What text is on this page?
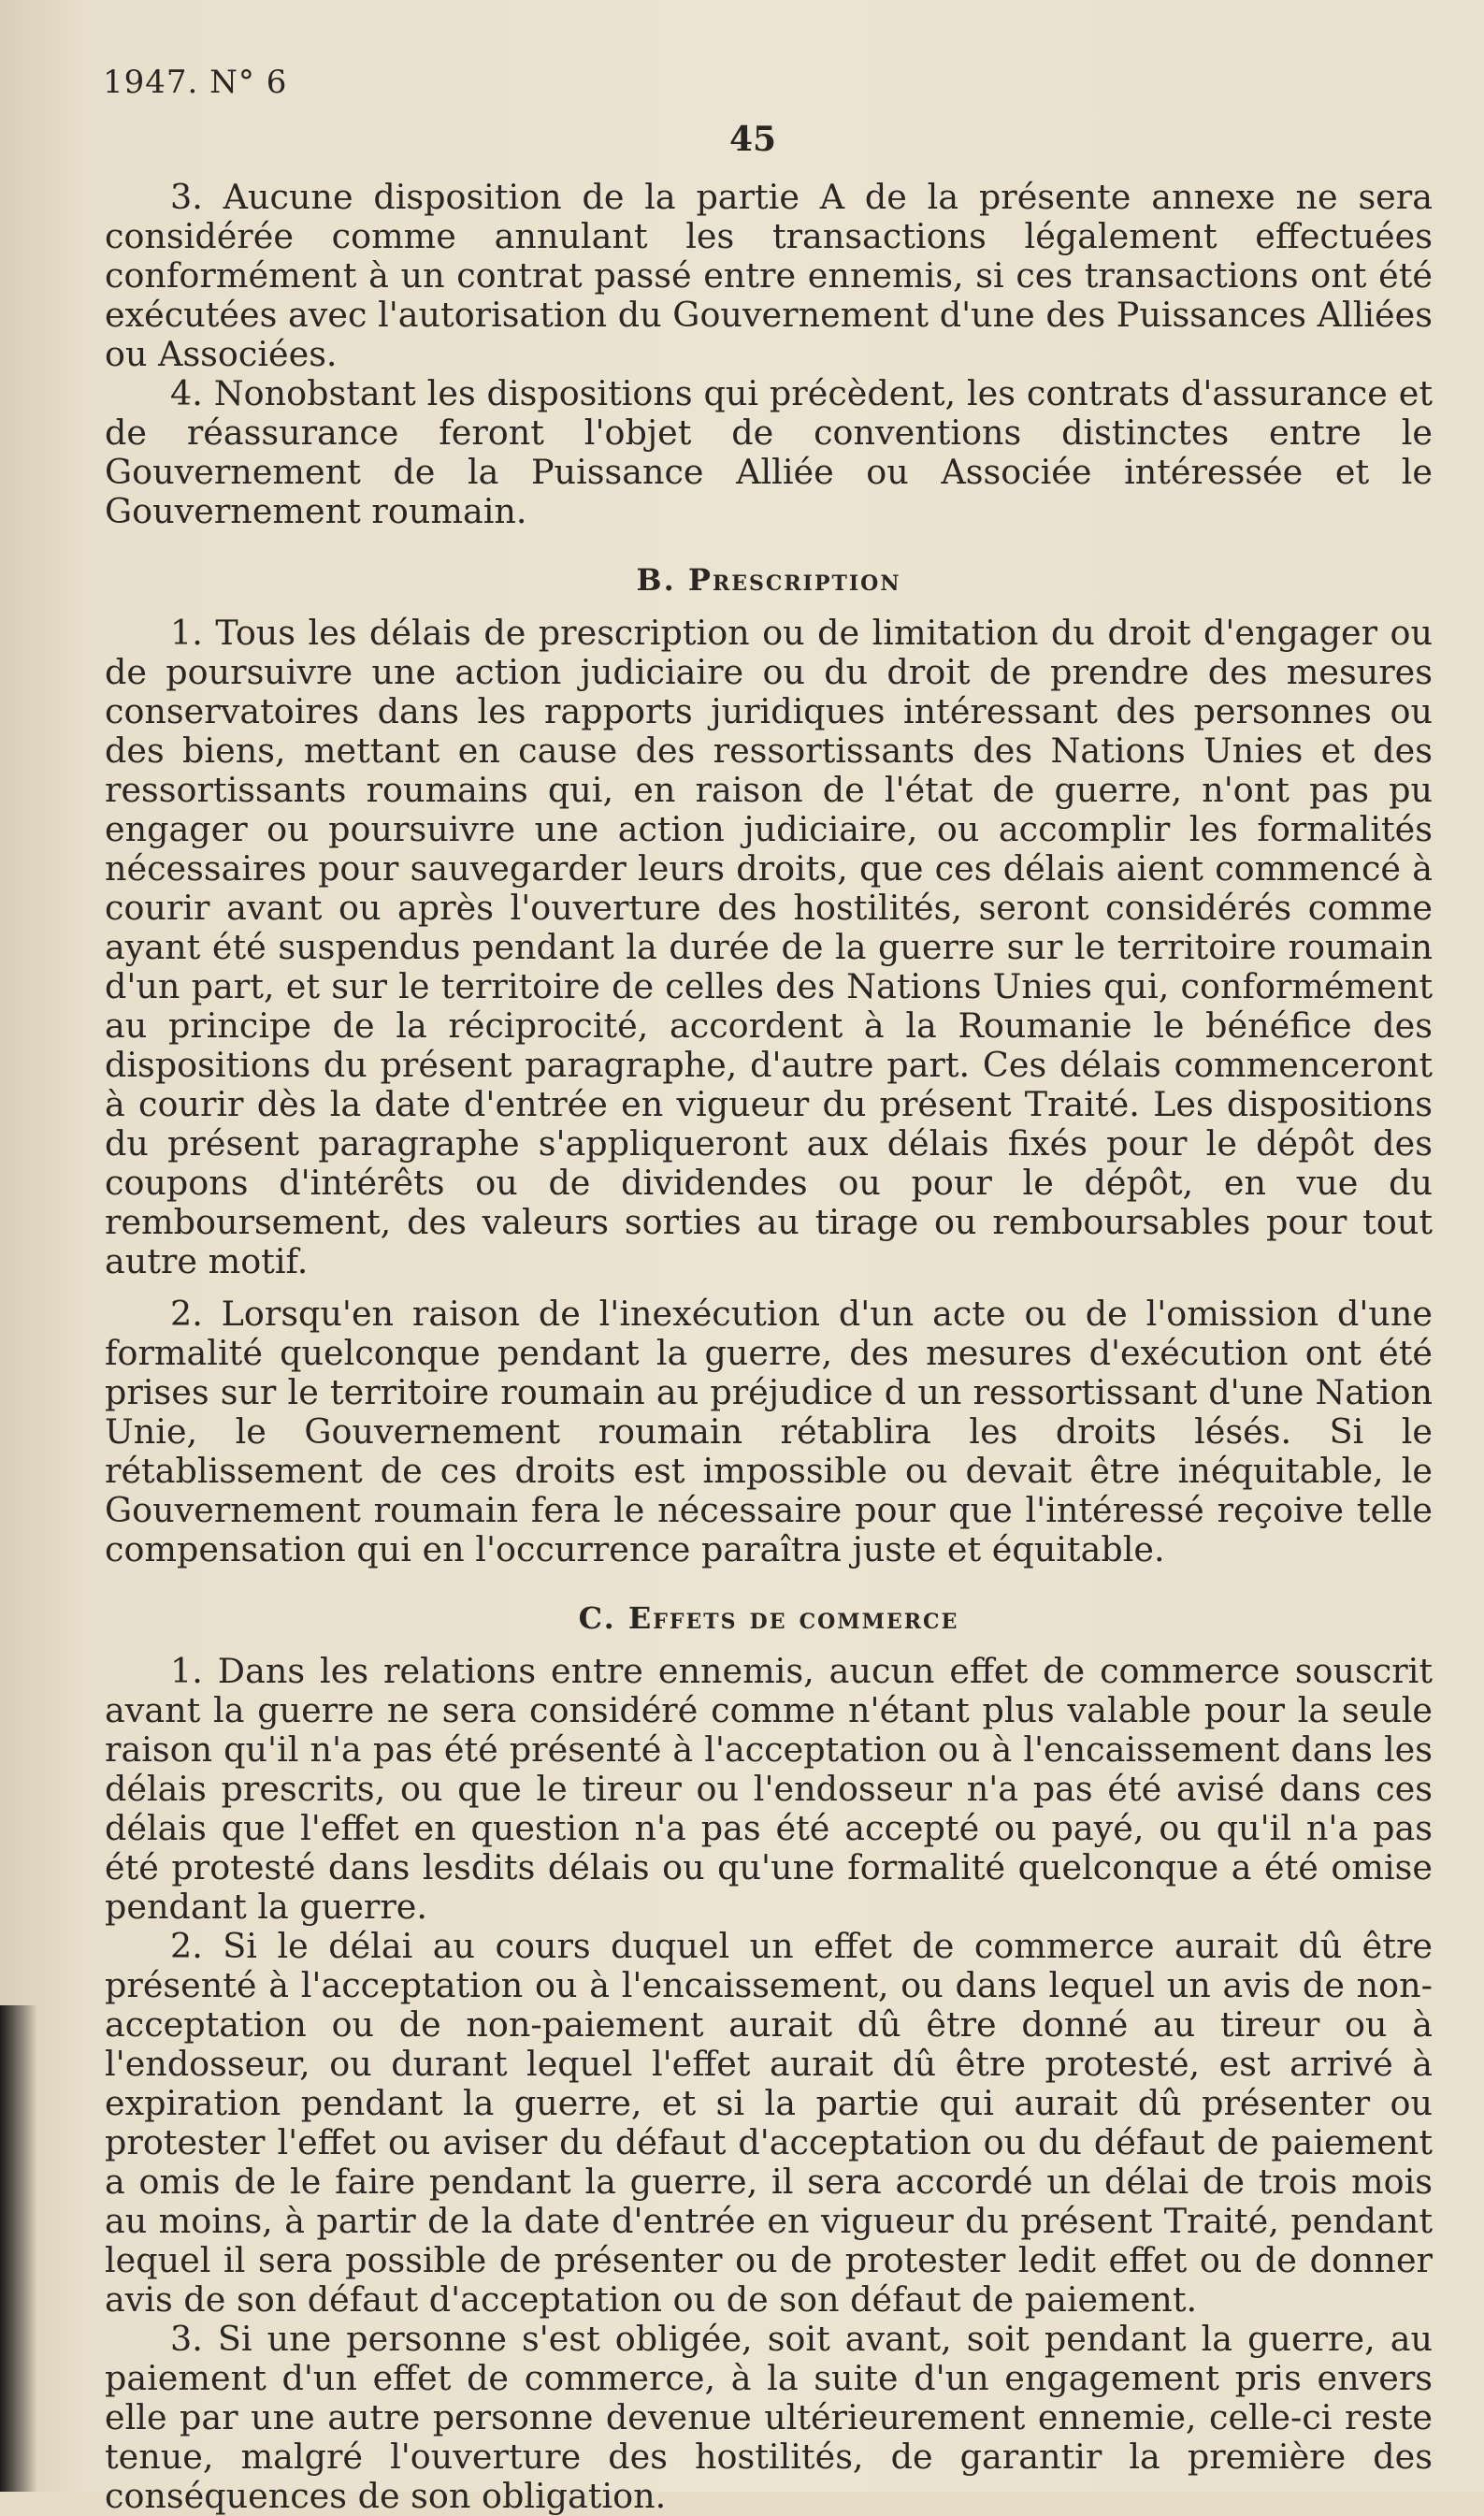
1947. N° 6
45

3. Aucune disposition de la partie A de la présente annexe ne sera considérée comme annulant les transactions légalement effectuées conformément à un contrat passé entre ennemis, si ces transactions ont été exécutées avec l'autorisation du Gouvernement d'une des Puissances Alliées ou Associées.

4. Nonobstant les dispositions qui précèdent, les contrats d'assurance et de réassurance feront l'objet de conventions distinctes entre le Gouvernement de la Puissance Alliée ou Associée intéressée et le Gouvernement roumain.

B. Prescription

1. Tous les délais de prescription ou de limitation du droit d'engager ou de poursuivre une action judiciaire ou du droit de prendre des mesures conservatoires dans les rapports juridiques intéressant des personnes ou des biens, mettant en cause des ressortissants des Nations Unies et des ressortissants roumains qui, en raison de l'état de guerre, n'ont pas pu engager ou poursuivre une action judiciaire, ou accomplir les formalités nécessaires pour sauvegarder leurs droits, que ces délais aient commencé à courir avant ou après l'ouverture des hostilités, seront considérés comme ayant été suspendus pendant la durée de la guerre sur le territoire roumain d'un part, et sur le territoire de celles des Nations Unies qui, conformément au principe de la réciprocité, accordent à la Roumanie le bénéfice des dispositions du présent paragraphe, d'autre part. Ces délais commenceront à courir dès la date d'entrée en vigueur du présent Traité. Les dispositions du présent paragraphe s'appliqueront aux délais fixés pour le dépôt des coupons d'intérêts ou de dividendes ou pour le dépôt, en vue du remboursement, des valeurs sorties au tirage ou remboursables pour tout autre motif.

2. Lorsqu'en raison de l'inexécution d'un acte ou de l'omission d'une formalité quelconque pendant la guerre, des mesures d'exécution ont été prises sur le territoire roumain au préjudice d un ressortissant d'une Nation Unie, le Gouvernement roumain rétablira les droits lésés. Si le rétablissement de ces droits est impossible ou devait être inéquitable, le Gouvernement roumain fera le nécessaire pour que l'intéressé reçoive telle compensation qui en l'occurrence paraîtra juste et équitable.

C. Effets de commerce

1. Dans les relations entre ennemis, aucun effet de commerce souscrit avant la guerre ne sera considéré comme n'étant plus valable pour la seule raison qu'il n'a pas été présenté à l'acceptation ou à l'encaissement dans les délais prescrits, ou que le tireur ou l'endosseur n'a pas été avisé dans ces délais que l'effet en question n'a pas été accepté ou payé, ou qu'il n'a pas été protesté dans lesdits délais ou qu'une formalité quelconque a été omise pendant la guerre.

2. Si le délai au cours duquel un effet de commerce aurait dû être présenté à l'acceptation ou à l'encaissement, ou dans lequel un avis de non-acceptation ou de non-paiement aurait dû être donné au tireur ou à l'endosseur, ou durant lequel l'effet aurait dû être protesté, est arrivé à expiration pendant la guerre, et si la partie qui aurait dû présenter ou protester l'effet ou aviser du défaut d'acceptation ou du défaut de paiement a omis de le faire pendant la guerre, il sera accordé un délai de trois mois au moins, à partir de la date d'entrée en vigueur du présent Traité, pendant lequel il sera possible de présenter ou de protester ledit effet ou de donner avis de son défaut d'acceptation ou de son défaut de paiement.

3. Si une personne s'est obligée, soit avant, soit pendant la guerre, au paiement d'un effet de commerce, à la suite d'un engagement pris envers elle par une autre personne devenue ultérieurement ennemie, celle-ci reste tenue, malgré l'ouverture des hostilités, de garantir la première des conséquences de son obligation.
